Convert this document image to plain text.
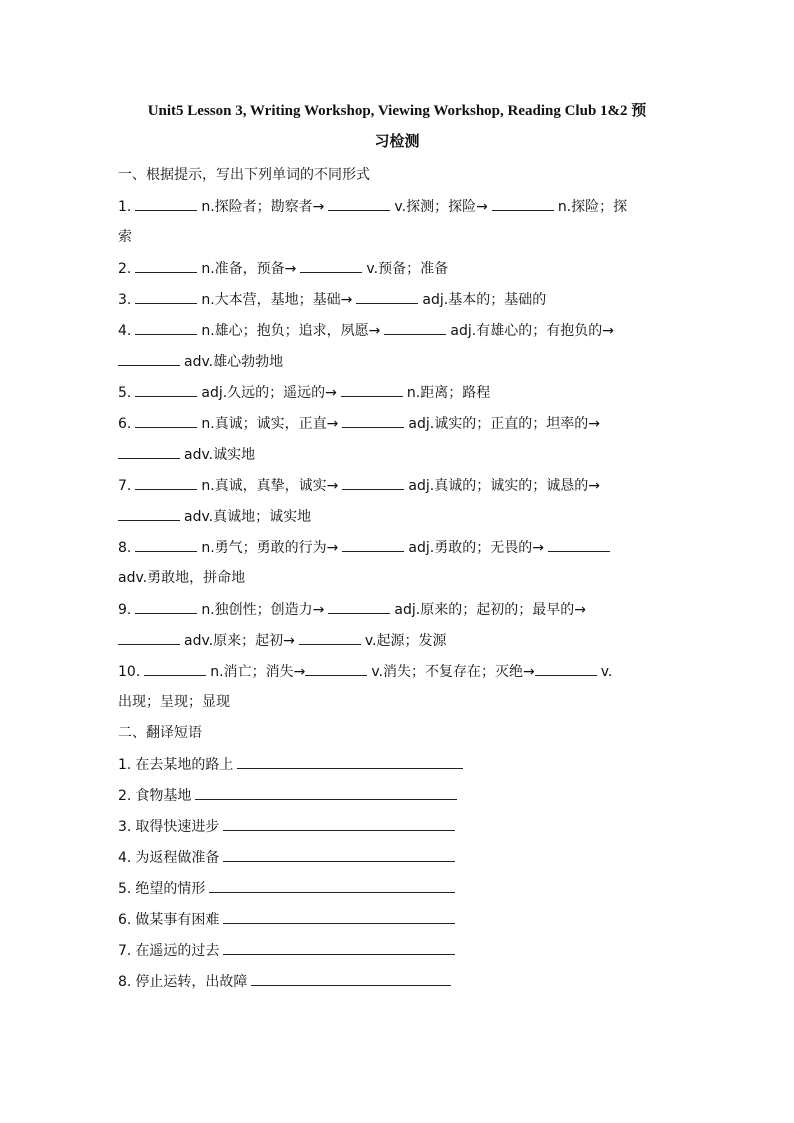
Unit5 Lesson 3, Writing Workshop, Viewing Workshop, Reading Club 1&2 预
习检测
一、根据提示，写出下列单词的不同形式
1.	n.探险者；勘察者→	v.探测；探险→	n.探险；探
索
2.	n.准备，预备→	v.预备；准备
3.	n.大本营，基地；基础→	adj.基本的；基础的
4.	n.雄心；抱负；追求，夙愿→	adj.有雄心的；有抱负的→
adv.雄心勃勃地
5.	adj.久远的；遥远的→	n.距离；路程
6.	n.真诚；诚实，正直→	adj.诚实的；正直的；坦率的→
adv.诚实地
7.	n.真诚，真挚，诚实→	adj.真诚的；诚实的；诚恳的→
adv.真诚地；诚实地
8.	n.勇气；勇敢的行为→	adj.勇敢的；无畏的→
adv.勇敢地，拼命地
9.	n.独创性；创造力→	adj.原来的；起初的；最早的→
adv.原来；起初→	v.起源；发源
10.	n.消亡；消失→	v.消失；不复存在；灭绝→	v.
出现；呈现；显现
二、翻译短语
1. 在去某地的路上
2. 食物基地
3. 取得快速进步
4. 为返程做准备
5. 绝望的情形
6. 做某事有困难
7. 在遥远的过去
8. 停止运转，出故障
